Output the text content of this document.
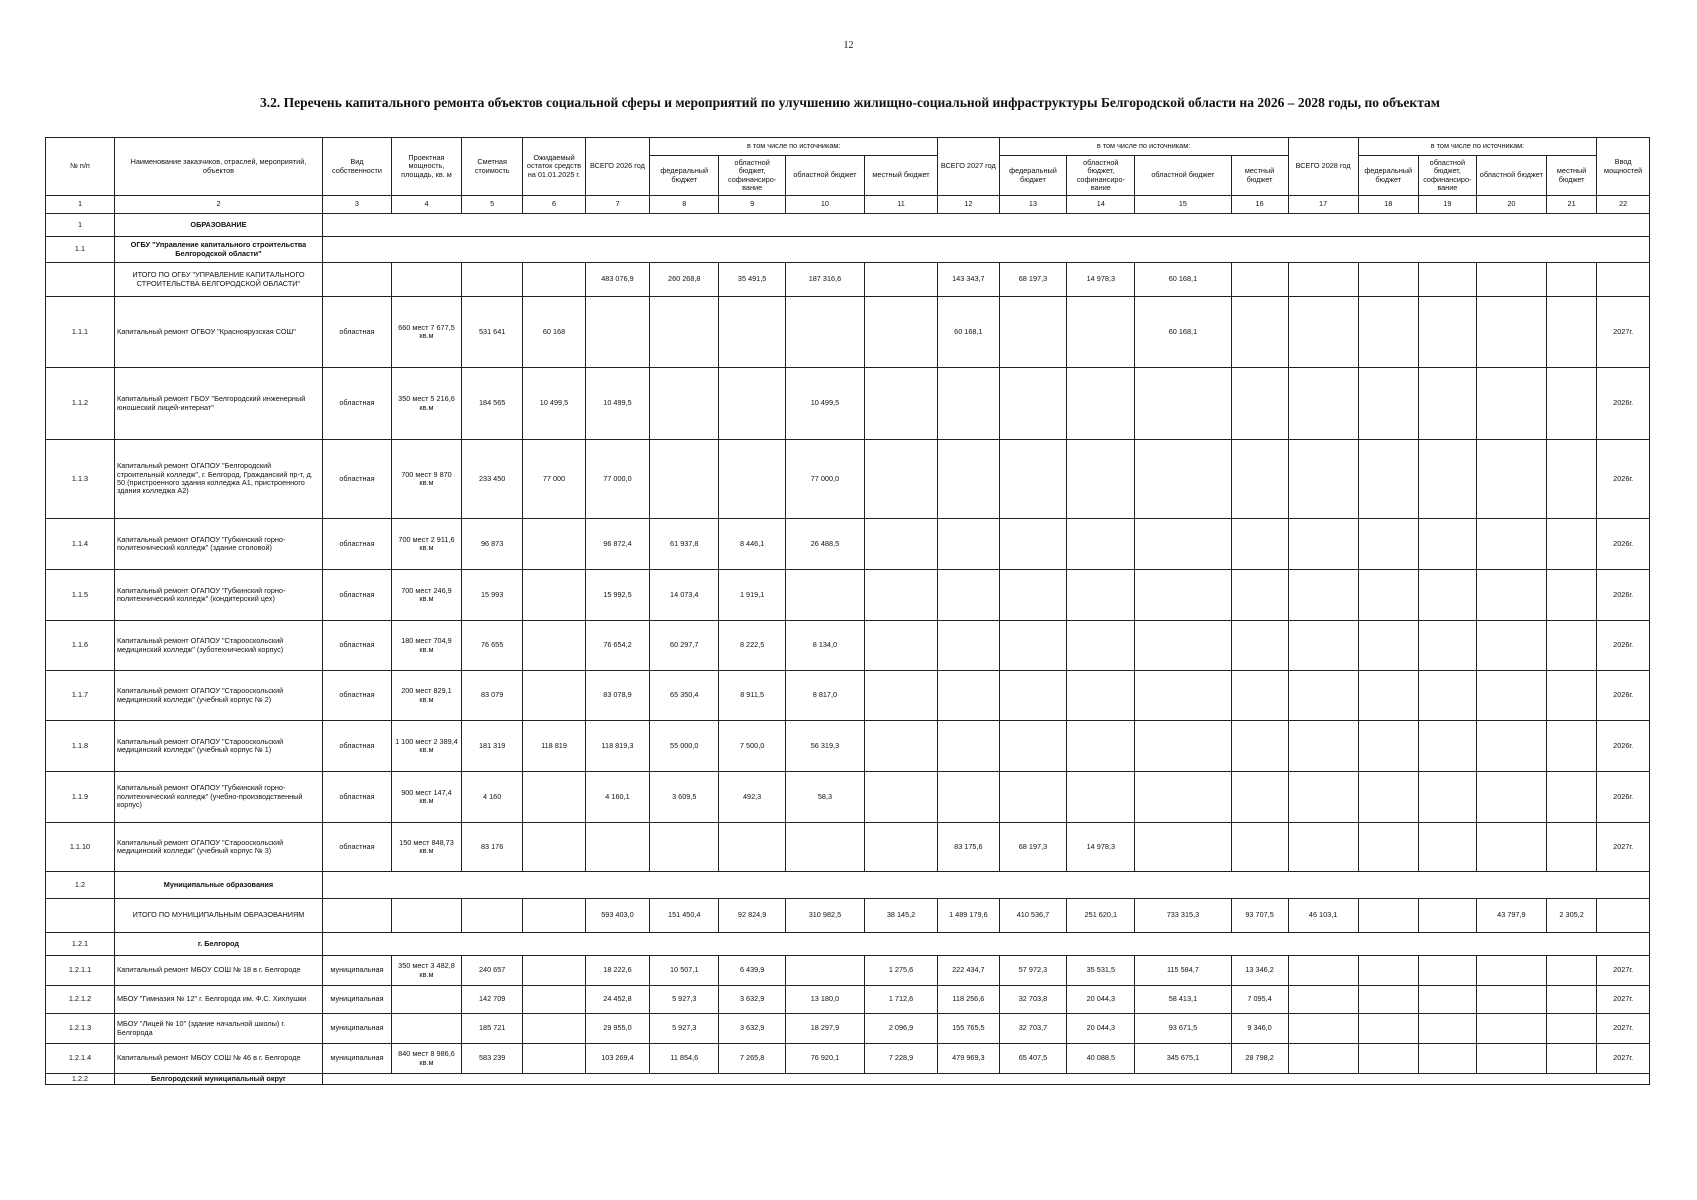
12
3.2. Перечень капитального ремонта объектов социальной сферы и мероприятий по улучшению жилищно-социальной инфраструктуры Белгородской области на 2026 – 2028 годы, по объектам
№ п/п	Наименование заказчиков, отраслей, мероприятий, объектов	Вид собственности	Проектная мощность, площадь, кв. м	Сметная стоимость	Ожидаемый остаток средств на 01.01.2025 г.	ВСЕГО 2026 год	в том числе по источникам:				ВСЕГО 2027 год	в том числе по источникам:				ВСЕГО 2028 год	в том числе по источникам:				Ввод мощностей
							федеральный бюджет	областной бюджет, софинансиро-вание	областной бюджет	местный бюджет		федеральный бюджет	областной бюджет, софинансиро-вание	областной бюджет	местный бюджет		федеральный бюджет	областной бюджет, софинансиро-вание	областной бюджет	местный бюджет	
1	2	3	4	5	6	7	8	9	10	11	12	13	14	15	16	17	18	19	20	21	22
1	ОБРАЗОВАНИЕ																				
1.1	ОГБУ "Управление капитального строительства Белгородской области"																				
	ИТОГО ПО ОГБУ "УПРАВЛЕНИЕ КАПИТАЛЬНОГО СТРОИТЕЛЬСТВА БЕЛГОРОДСКОЙ ОБЛАСТИ"					483 076,9	260 268,8	35 491,5	187 316,6		143 343,7	68 197,3	14 978,3	60 168,1							
1.1.1	Капитальный ремонт ОГБОУ "Красноярузская СОШ"	областная	660 мест 7 677,5 кв.м	531 641	60 168						60 168,1			60 168,1							2027г.
1.1.2	Капитальный ремонт ГБОУ "Белгородский инженерный юношеский лицей-интернат"	областная	350 мест 5 216,6 кв.м	184 565	10 499,5	10 499,5			10 499,5												2026г.
1.1.3	Капитальный ремонт ОГАПОУ "Белгородский строительный колледж", г. Белгород, Гражданский пр-т, д. 50 (пристроенного здания колледжа А1, пристроенного здания колледжа А2)	областная	700 мест 9 870 кв.м	233 450	77 000	77 000,0			77 000,0												2026г.
1.1.4	Капитальный ремонт ОГАПОУ "Губкинский горно-политехнический колледж" (здание столовой)	областная	700 мест 2 911,6 кв.м	96 873		96 872,4	61 937,8	8 446,1	26 488,5												2026г.
1.1.5	Капитальный ремонт ОГАПОУ "Губкинский горно-политехнический колледж" (кондитерский цех)	областная	700 мест 246,9 кв.м	15 993		15 992,5	14 073,4	1 919,1													2026г.
1.1.6	Капитальный ремонт ОГАПОУ "Старооскольский медицинский колледж" (зуботехнический корпус)	областная	180 мест 704,9 кв.м	76 655		76 654,2	60 297,7	8 222,5	8 134,0												2026г.
1.1.7	Капитальный ремонт ОГАПОУ "Старооскольский медицинский колледж" (учебный корпус № 2)	областная	200 мест 829,1 кв.м	83 079		83 078,9	65 350,4	8 911,5	8 817,0												2026г.
1.1.8	Капитальный ремонт ОГАПОУ "Старооскольский медицинский колледж" (учебный корпус № 1)	областная	1 100 мест 2 389,4 кв.м	181 319	118 819	118 819,3	55 000,0	7 500,0	56 319,3												2026г.
1.1.9	Капитальный ремонт ОГАПОУ "Губкинский горно-политехнический колледж" (учебно-производственный корпус)	областная	900 мест 147,4 кв.м	4 160		4 160,1	3 609,5	492,3	58,3												2026г.
1.1.10	Капитальный ремонт ОГАПОУ "Старооскольский медицинский колледж" (учебный корпус № 3)	областная	150 мест 848,73 кв.м	83 176							83 175,6	68 197,3	14 978,3								2027г.
1.2	Муниципальные образования																				
	ИТОГО ПО МУНИЦИПАЛЬНЫМ ОБРАЗОВАНИЯМ					593 403,0	151 450,4	92 824,9	310 982,5	38 145,2	1 489 179,6	410 536,7	251 620,1	733 315,3	93 707,5	46 103,1			43 797,9	2 305,2	
1.2.1	г. Белгород																				
1.2.1.1	Капитальный ремонт МБОУ СОШ № 18 в г. Белгороде	муниципальная	350 мест 3 482,8 кв.м	240 657		18 222,6	10 507,1	6 439,9		1 275,6	222 434,7	57 972,3	35 531,5	115 584,7	13 346,2						2027г.
1.2.1.2	МБОУ "Гимназия № 12" г. Белгорода им. Ф.С. Хихлушки	муниципальная		142 709		24 452,8	5 927,3	3 632,9	13 180,0	1 712,6	118 256,6	32 703,8	20 044,3	58 413,1	7 095,4						2027г.
1.2.1.3	МБОУ "Лицей № 10" (здание начальной школы) г. Белгорода	муниципальная		185 721		29 955,0	5 927,3	3 632,9	18 297,9	2 096,9	155 765,5	32 703,7	20 044,3	93 671,5	9 346,0						2027г.
1.2.1.4	Капитальный ремонт МБОУ СОШ № 46 в г. Белгороде	муниципальная	840 мест 8 986,6 кв.м	583 239		103 269,4	11 854,6	7 265,8	76 920,1	7 228,9	479 969,3	65 407,5	40 088,5	345 675,1	28 798,2						2027г.
1.2.2	Белгородский муниципальный округ																				
